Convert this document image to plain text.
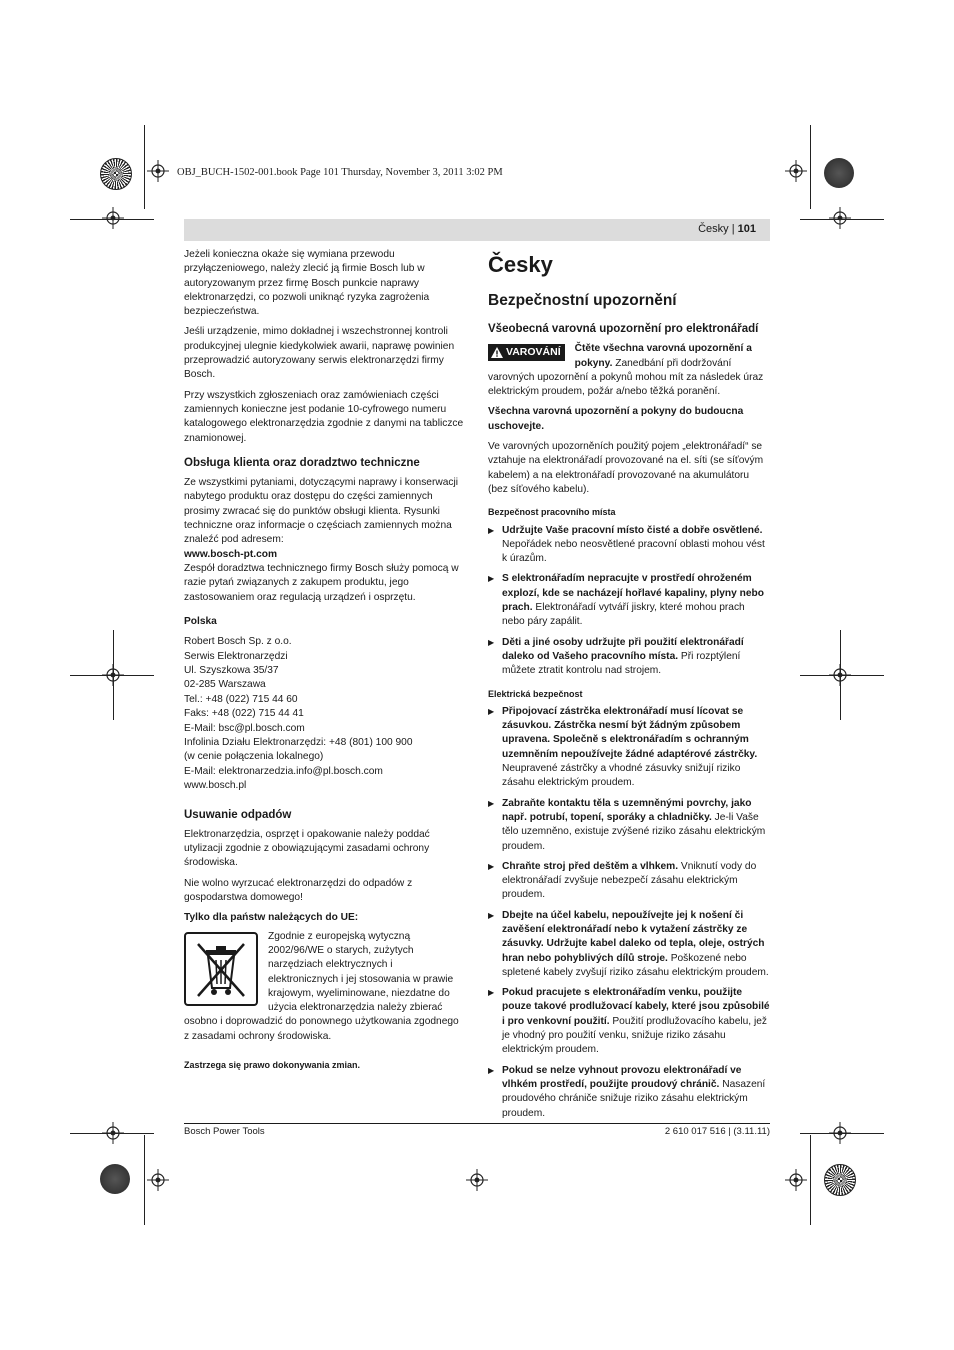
OBJ_BUCH-1502-001.book Page 101 Thursday, November 3, 2011 3:02 PM
Česky | 101

Jeżeli konieczna okaże się wymiana przewodu przyłączeniowego, należy zlecić ją firmie Bosch lub w autoryzowanym przez firmę Bosch punkcie naprawy elektronarzędzi, co pozwoli uniknąć ryzyka zagrożenia bezpieczeństwa.

Jeśli urządzenie, mimo dokładnej i wszechstronnej kontroli produkcyjnej ulegnie kiedykolwiek awarii, naprawę powinien przeprowadzić autoryzowany serwis elektronarzędzi firmy Bosch.

Przy wszystkich zgłoszeniach oraz zamówieniach części zamiennych konieczne jest podanie 10-cyfrowego numeru katalogowego elektronarzędzia zgodnie z danymi na tabliczce znamionowej.

Obsługa klienta oraz doradztwo techniczne

Ze wszystkimi pytaniami, dotyczącymi naprawy i konserwacji nabytego produktu oraz dostępu do części zamiennych prosimy zwracać się do punktów obsługi klienta. Rysunki techniczne oraz informacje o częściach zamiennych można znaleźć pod adresem:

www.bosch-pt.com

Zespół doradztwa technicznego firmy Bosch służy pomocą w razie pytań związanych z zakupem produktu, jego zastosowaniem oraz regulacją urządzeń i osprzętu.

Polska
Robert Bosch Sp. z o.o.
Serwis Elektronarzędzi
Ul. Szyszkowa 35/37
02-285 Warszawa
Tel.: +48 (022) 715 44 60
Faks: +48 (022) 715 44 41
E-Mail: bsc@pl.bosch.com
Infolinia Działu Elektronarzędzi: +48 (801) 100 900
(w cenie połączenia lokalnego)
E-Mail: elektronarzedzia.info@pl.bosch.com
www.bosch.pl
Usuwanie odpadów

Elektronarzędzia, osprzęt i opakowanie należy poddać utylizacji zgodnie z obowiązującymi zasadami ochrony środowiska.

Nie wolno wyrzucać elektronarzędzi do odpadów z gospodarstwa domowego!

Tylko dla państw należących do UE:

Zgodnie z europejską wytyczną 2002/96/WE o starych, zużytych narzędziach elektrycznych i elektronicznych i jej stosowania w prawie krajowym, wyeliminowane, niezdatne do użycia elektronarzędzia należy zbierać osobno i doprowadzić do ponownego użytkowania zgodnego z zasadami ochrony środowiska.

Zastrzega się prawo dokonywania zmian.
Česky
Bezpečnostní upozornění
Všeobecná varovná upozornění pro elektronářadí
VAROVÁNÍ	Čtěte všechna varovná upozornění a pokyny. Zanedbání při dodržování varovných upozornění a pokynů mohou mít za následek úraz elektrickým proudem, požár a/nebo těžká poranění.

Všechna varovná upozornění a pokyny do budoucna uschovejte.

Ve varovných upozorněních použitý pojem „elektronářadí“ se vztahuje na elektronářadí provozované na el. síti (se síťovým kabelem) a na elektronářadí provozované na akumulátoru (bez síťového kabelu).

Bezpečnost pracovního místa
▶ Udržujte Vaše pracovní místo čisté a dobře osvětlené. Nepořádek nebo neosvětlené pracovní oblasti mohou vést k úrazům.
▶ S elektronářadím nepracujte v prostředí ohroženém explozí, kde se nacházejí hořlavé kapaliny, plyny nebo prach. Elektronářadí vytváří jiskry, které mohou prach nebo páry zapálit.
▶ Děti a jiné osoby udržujte při použití elektronářadí daleko od Vašeho pracovního místa. Při rozptýlení můžete ztratit kontrolu nad strojem.
Elektrická bezpečnost
▶ Připojovací zástrčka elektronářadí musí lícovat se zásuvkou. Zástrčka nesmí být žádným způsobem upravena. Společně s elektronářadím s ochranným uzemněním nepoužívejte žádné adaptérové zástrčky. Neupravené zástrčky a vhodné zásuvky snižují riziko zásahu elektrickým proudem.
▶ Zabraňte kontaktu těla s uzemněnými povrchy, jako např. potrubí, topení, sporáky a chladničky. Je-li Vaše tělo uzemněno, existuje zvýšené riziko zásahu elektrickým proudem.
▶ Chraňte stroj před deštěm a vlhkem. Vniknutí vody do elektronářadí zvyšuje nebezpečí zásahu elektrickým proudem.
▶ Dbejte na účel kabelu, nepoužívejte jej k nošení či zavěšení elektronářadí nebo k vytažení zástrčky ze zásuvky. Udržujte kabel daleko od tepla, oleje, ostrých hran nebo pohyblivých dílů stroje. Poškozené nebo spletené kabely zvyšují riziko zásahu elektrickým proudem.
▶ Pokud pracujete s elektronářadím venku, použijte pouze takové prodlužovací kabely, které jsou způsobilé i pro venkovní použití. Použití prodlužovacího kabelu, jež je vhodný pro použití venku, snižuje riziko zásahu elektrickým proudem.
▶ Pokud se nelze vyhnout provozu elektronářadí ve vlhkém prostředí, použijte proudový chránič. Nasazení proudového chrániče snižuje riziko zásahu elektrickým proudem.
Bosch Power Tools	2 610 017 516 | (3.11.11)
